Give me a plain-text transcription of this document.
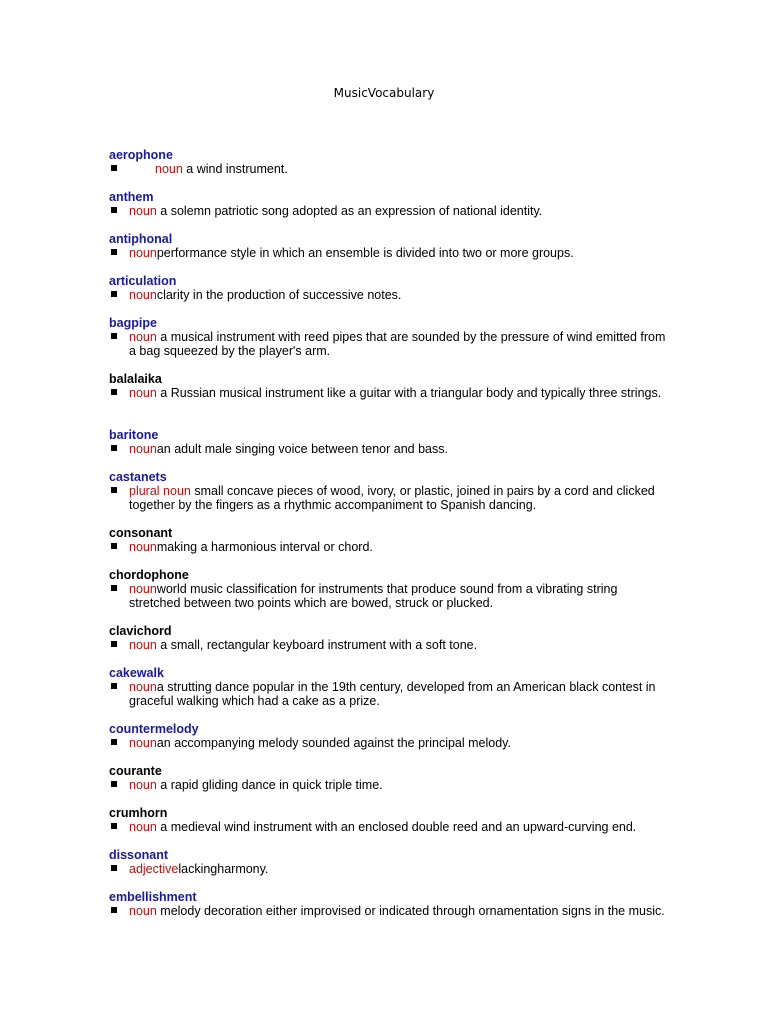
MusicVocabulary
aerophone
noun a wind instrument.
anthem
noun a solemn patriotic song adopted as an expression of national identity.
antiphonal
nounperformance style in which an ensemble is divided into two or more groups.
articulation
nounclarity in the production of successive notes.
bagpipe
noun a musical instrument with reed pipes that are sounded by the pressure of wind emitted from a bag squeezed by the player's arm.
balalaika
noun a Russian musical instrument like a guitar with a triangular body and typically three strings.
baritone
nounan adult male singing voice between tenor and bass.
castanets
plural noun small concave pieces of wood, ivory, or plastic, joined in pairs by a cord and clicked together by the fingers as a rhythmic accompaniment to Spanish dancing.
consonant
nounmaking a harmonious interval or chord.
chordophone
nounworld music classification for instruments that produce sound from a vibrating string stretched between two points which are bowed, struck or plucked.
clavichord
noun a small, rectangular keyboard instrument with a soft tone.
cakewalk
nouna strutting dance popular in the 19th century, developed from an American black contest in graceful walking which had a cake as a prize.
countermelody
nounan accompanying melody sounded against the principal melody.
courante
noun a rapid gliding dance in quick triple time.
crumhorn
noun a medieval wind instrument with an enclosed double reed and an upward-curving end.
dissonant
adjectivelackingharmony.
embellishment
noun melody decoration either improvised or indicated through ornamentation signs in the music.
